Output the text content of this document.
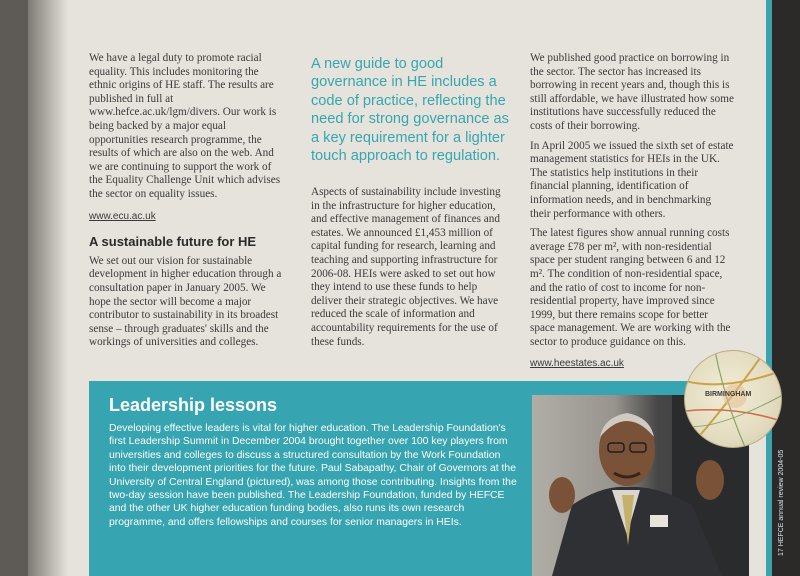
We have a legal duty to promote racial equality. This includes monitoring the ethnic origins of HE staff. The results are published in full at www.hefce.ac.uk/lgm/divers. Our work is being backed by a major equal opportunities research programme, the results of which are also on the web. And we are continuing to support the work of the Equality Challenge Unit which advises the sector on equality issues.

www.ecu.ac.uk
A sustainable future for HE

We set out our vision for sustainable development in higher education through a consultation paper in January 2005. We hope the sector will become a major contributor to sustainability in its broadest sense – through graduates' skills and the workings of universities and colleges.

A new guide to good governance in HE includes a code of practice, reflecting the need for strong governance as a key requirement for a lighter touch approach to regulation.

Aspects of sustainability include investing in the infrastructure for higher education, and effective management of finances and estates. We announced £1,453 million of capital funding for research, learning and teaching and supporting infrastructure for 2006-08. HEIs were asked to set out how they intend to use these funds to help deliver their strategic objectives. We have reduced the scale of information and accountability requirements for the use of these funds.

We published good practice on borrowing in the sector. The sector has increased its borrowing in recent years and, though this is still affordable, we have illustrated how some institutions have successfully reduced the costs of their borrowing.

In April 2005 we issued the sixth set of estate management statistics for HEIs in the UK. The statistics help institutions in their financial planning, identification of information needs, and in benchmarking their performance with others.

The latest figures show annual running costs average £78 per m², with non-residential space per student ranging between 6 and 12 m². The condition of non-residential space, and the ratio of cost to income for non-residential property, have improved since 1999, but there remains scope for better space management. We are working with the sector to produce guidance on this.

www.heestates.ac.uk
Leadership lessons

Developing effective leaders is vital for higher education. The Leadership Foundation's first Leadership Summit in December 2004 brought together over 100 key players from universities and colleges to discuss a structured consultation by the Work Foundation into their development priorities for the future. Paul Sabapathy, Chair of Governors at the University of Central England (pictured), was among those contributing. Insights from the two-day session have been published. The Leadership Foundation, funded by HEFCE and the other UK higher education funding bodies, also runs its own research programme, and offers fellowships and courses for senior managers in HEIs.

BIRMINGHAM
